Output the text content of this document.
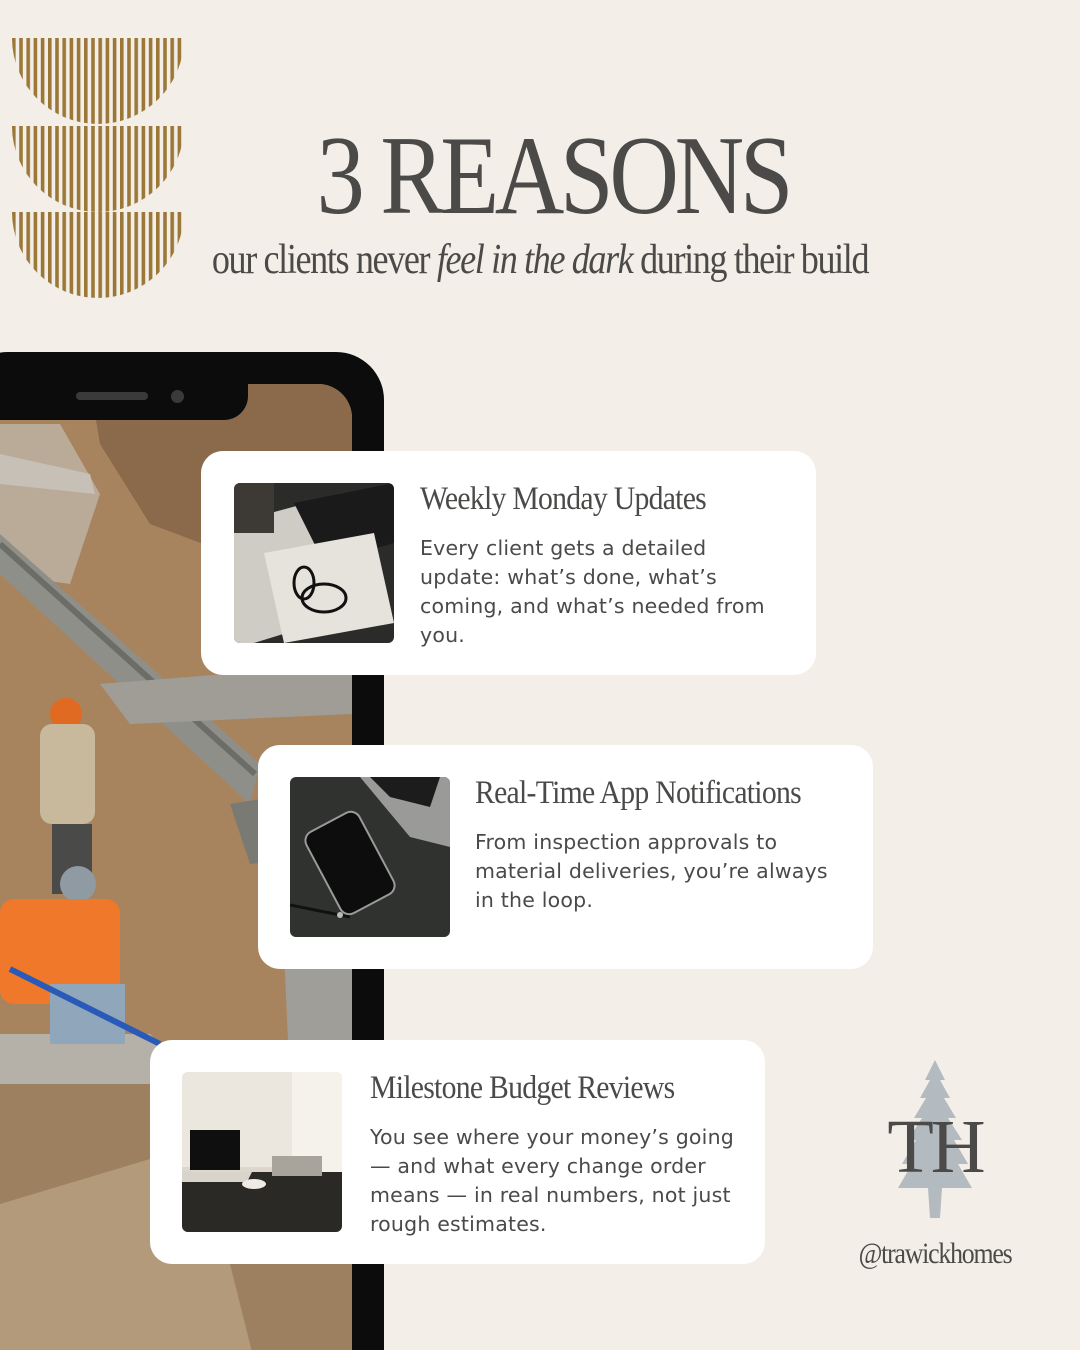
3 REASONS

our clients never feel in the dark during their build

Weekly Monday Updates

Every client gets a detailed update: what’s done, what’s coming, and what’s needed from you.

Real-Time App Notifications

From inspection approvals to material deliveries, you’re always in the loop.

Milestone Budget Reviews

You see where your money’s going — and what every change order means — in real numbers, not just rough estimates.

TH

@trawickhomes
